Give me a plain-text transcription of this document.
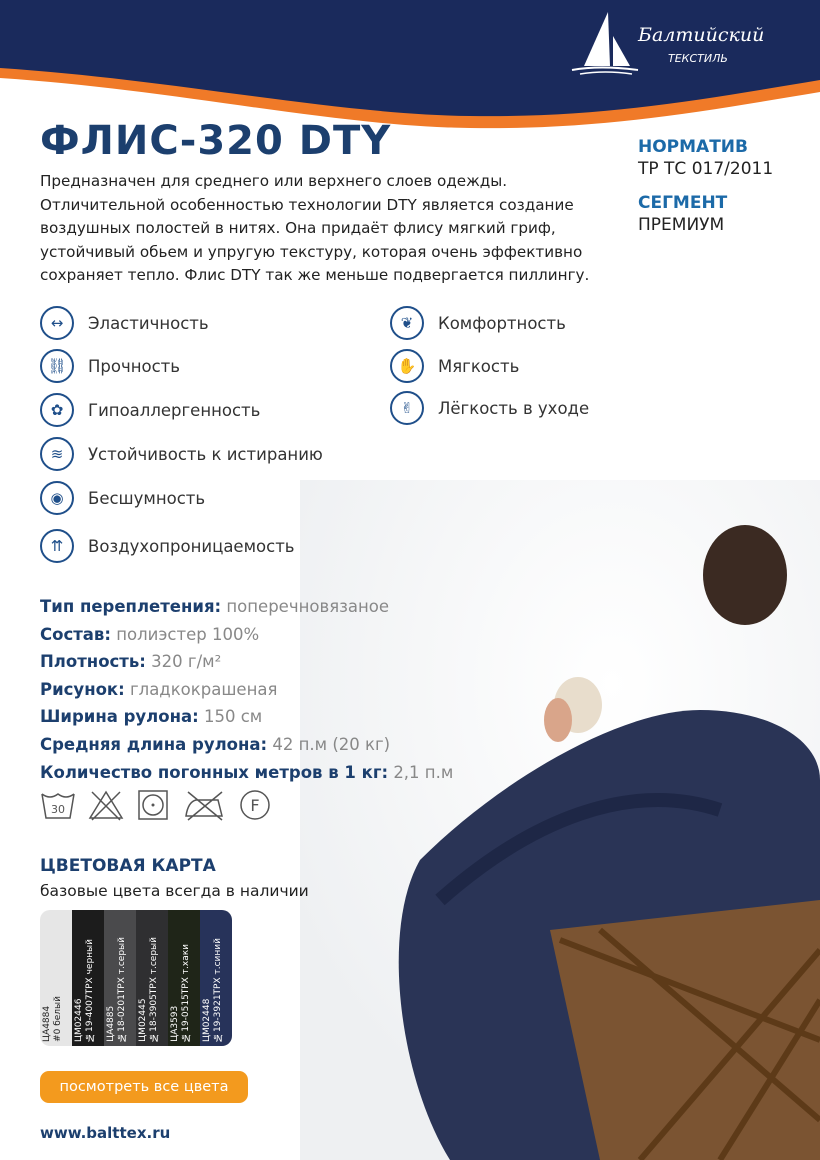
Балтийский
ТЕКСТИЛЬ
ФЛИС-320 DTY
Предназначен для среднего или верхнего слоев одежды. Отличительной особенностью технологии DTY является создание воздушных полостей в нитях. Она придаёт флису мягкий гриф, устойчивый обьем и упругую текстуру, которая очень эффективно сохраняет тепло. Флис DTY так же меньше подвергается пиллингу.
НОРМАТИВ
ТР ТС 017/2011
СЕГМЕНТ
ПРЕМИУМ
↔	Эластичность
⛓	Прочность
✿	Гипоаллергенность
≋	Устойчивость к истиранию
◉	Бесшумность
⇈	Воздухопроницаемость
❦	Комфортность
✋	Мягкость
✌	Лёгкость в уходе
Тип переплетения: поперечновязаное
Состав: полиэстер 100%
Плотность: 320 г/м²
Рисунок: гладкокрашеная
Ширина рулона: 150 см
Средняя длина рулона: 42 п.м (20 кг)
Количество погонных метров в 1 кг: 2,1 п.м
30	F
ЦВЕТОВАЯ КАРТА
базовые цвета всегда в наличии
ЦА4884
#0 белый ЦМ02446
№19-4007TPX черный
ЦА4885
№18-0201TPX т.серый
ЦМ02445
№18-3905TPX т.серый
ЦА3593
№19-0515TPX т.хаки
ЦМ02448
№19-3921TPX т.синий
посмотреть все цвета
www.balttex.ru
